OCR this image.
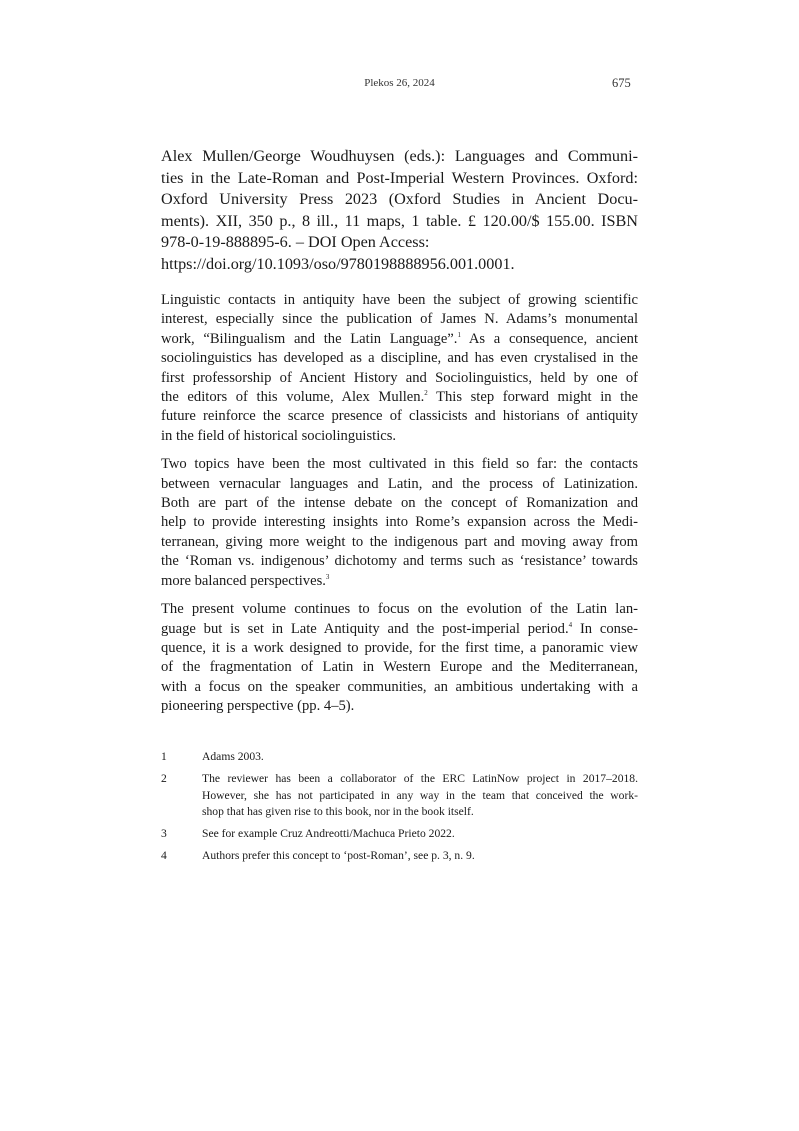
Plekos 26, 2024	675
Alex Mullen/George Woudhuysen (eds.): Languages and Communi-
ties in the Late-Roman and Post-Imperial Western Provinces. Oxford:
Oxford University Press 2023 (Oxford Studies in Ancient Docu-
ments). XII, 350 p., 8 ill., 11 maps, 1 table. £ 120.00/$ 155.00. ISBN
978-0-19-888895-6. – DOI Open Access:
https://doi.org/10.1093/oso/9780198888956.001.0001.
Linguistic contacts in antiquity have been the subject of growing scientific
interest, especially since the publication of James N. Adams’s monumental
work, “Bilingualism and the Latin Language”.$^1$ As a consequence, ancient
sociolinguistics has developed as a discipline, and has even crystalised in the
first professorship of Ancient History and Sociolinguistics, held by one of
the editors of this volume, Alex Mullen.$^2$ This step forward might in the
future reinforce the scarce presence of classicists and historians of antiquity
in the field of historical sociolinguistics.
Two topics have been the most cultivated in this field so far: the contacts
between vernacular languages and Latin, and the process of Latinization.
Both are part of the intense debate on the concept of Romanization and
help to provide interesting insights into Rome’s expansion across the Medi-
terranean, giving more weight to the indigenous part and moving away from
the ‘Roman vs. indigenous’ dichotomy and terms such as ‘resistance’ towards
more balanced perspectives.$^3$
The present volume continues to focus on the evolution of the Latin lan-
guage but is set in Late Antiquity and the post-imperial period.$^4$ In conse-
quence, it is a work designed to provide, for the first time, a panoramic view
of the fragmentation of Latin in Western Europe and the Mediterranean,
with a focus on the speaker communities, an ambitious undertaking with a
pioneering perspective (pp. 4–5).
1	Adams 2003.
2	The reviewer has been a collaborator of the ERC LatinNow project in 2017–2018.
However, she has not participated in any way in the team that conceived the work-
shop that has given rise to this book, nor in the book itself.
3	See for example Cruz Andreotti/Machuca Prieto 2022.
4	Authors prefer this concept to ‘post-Roman’, see p. 3, n. 9.
